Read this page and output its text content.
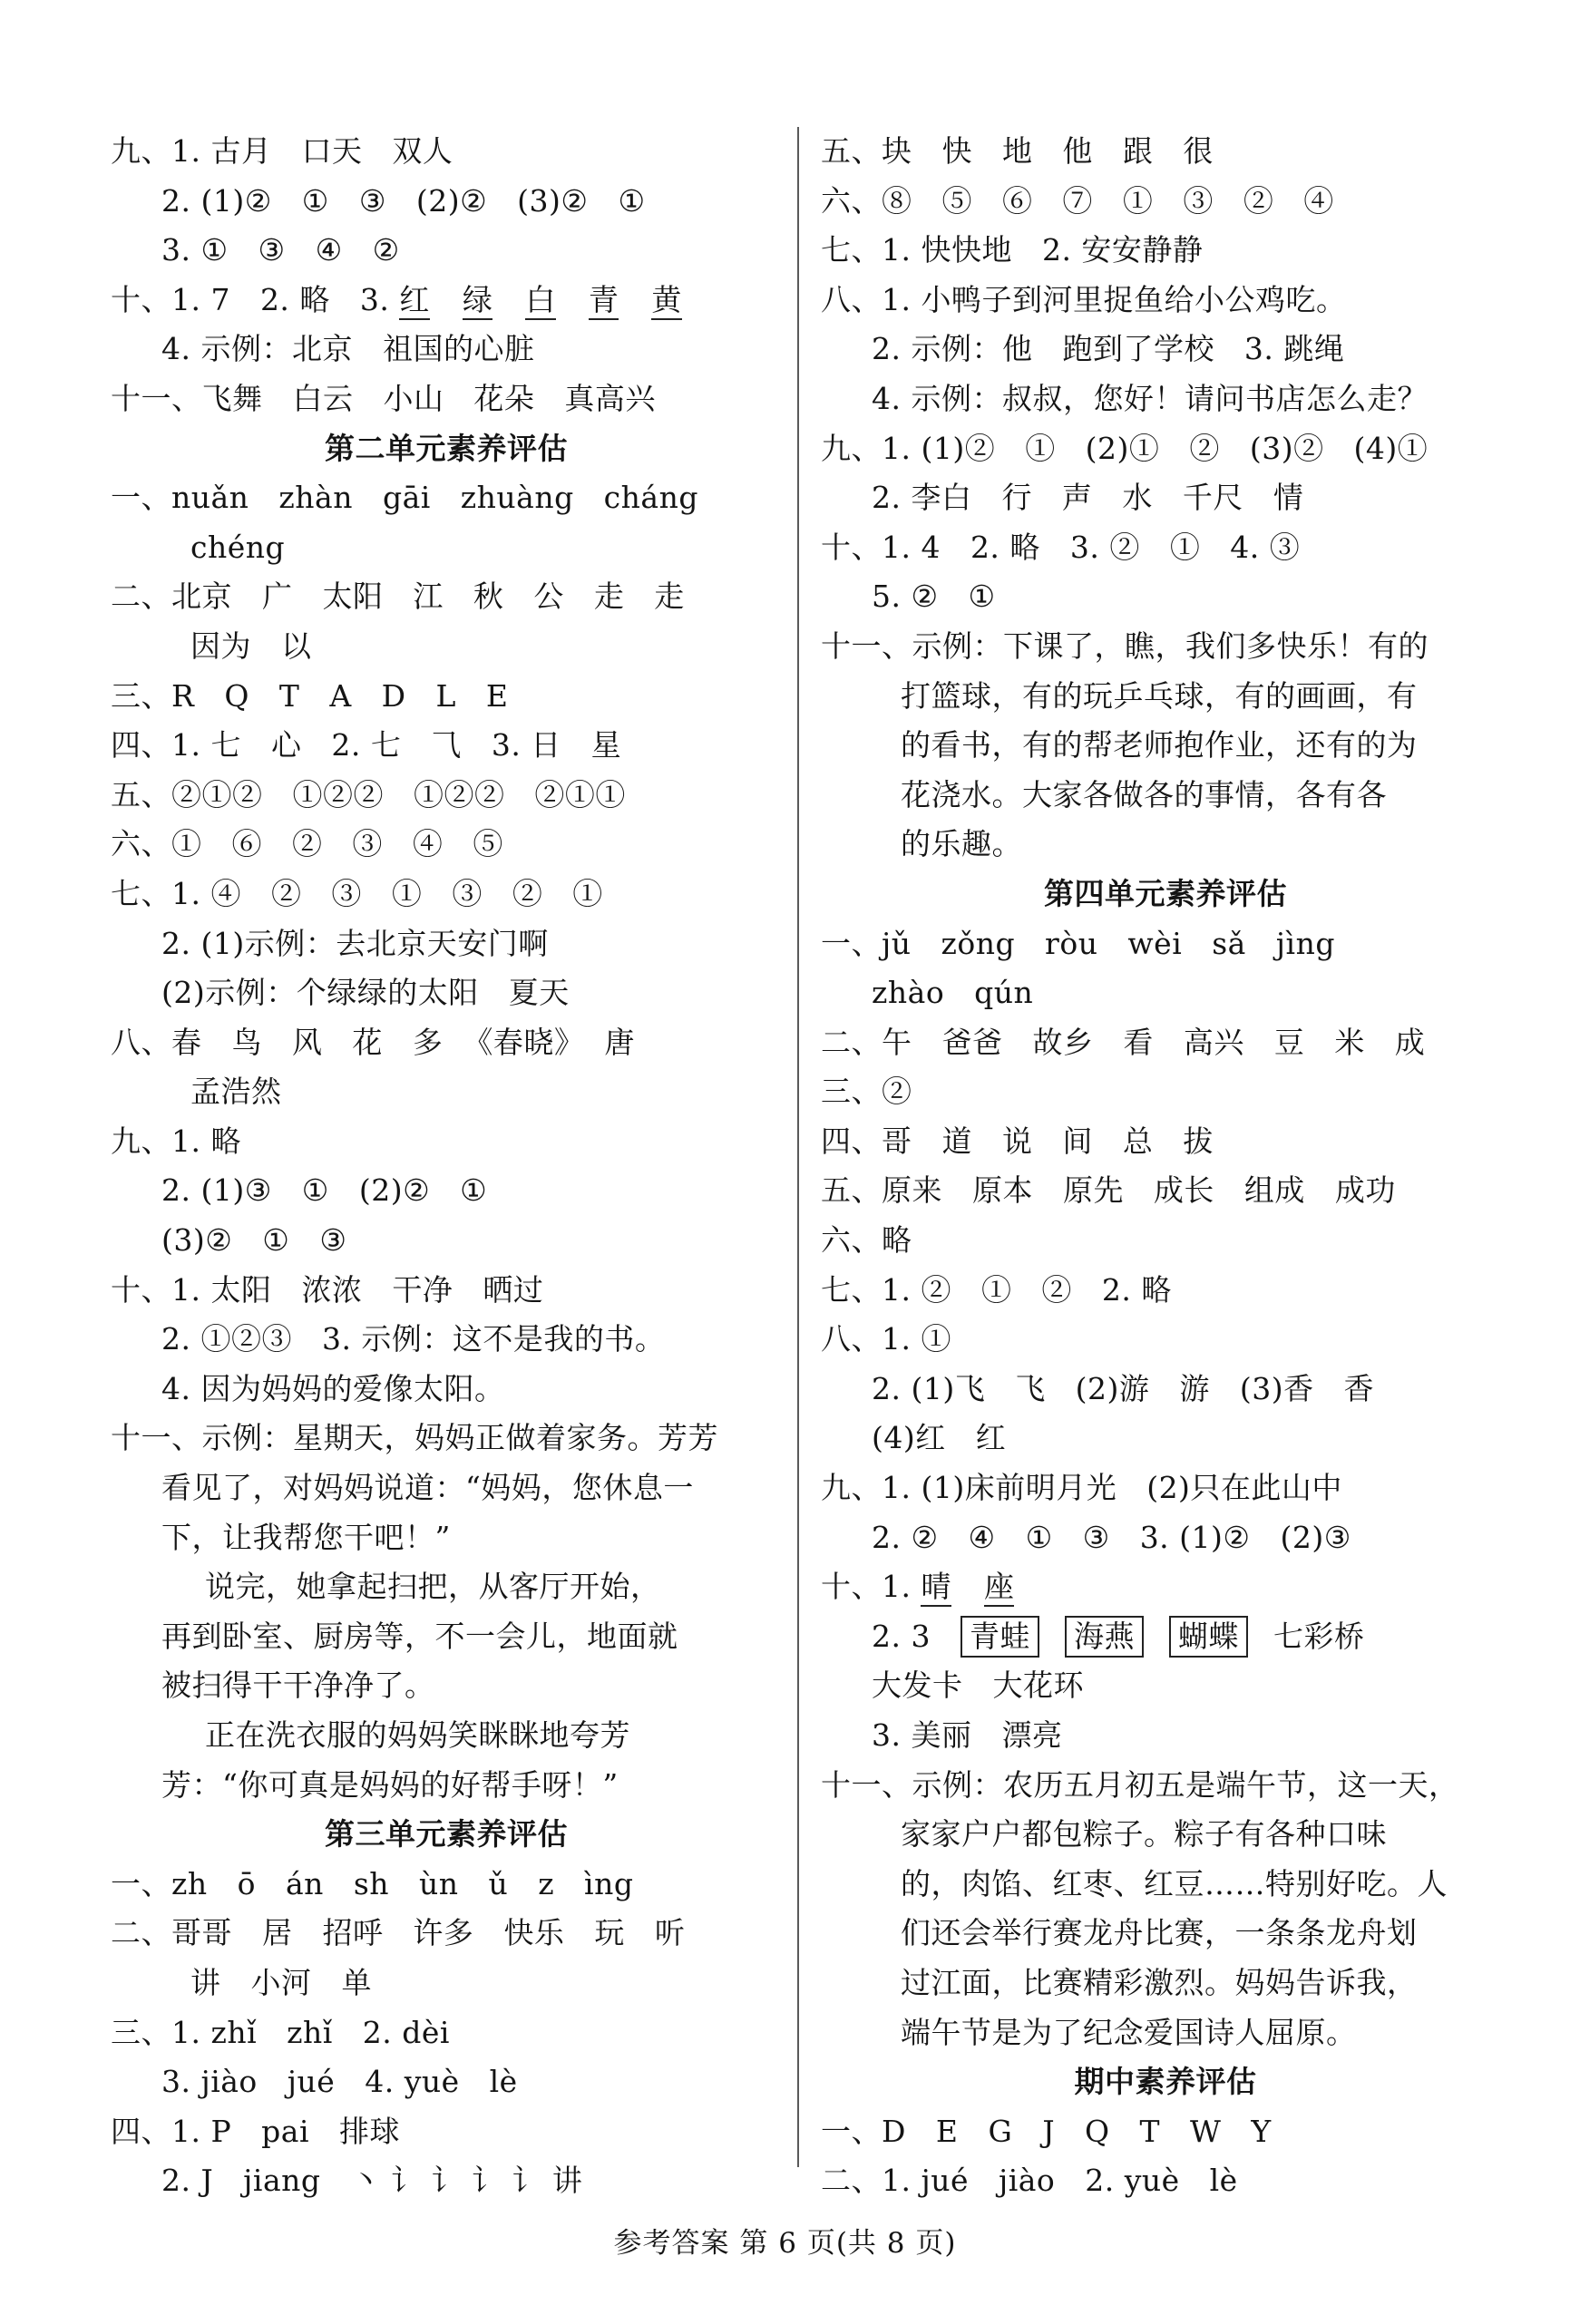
九、1. 古月   口天   双人
2. (1)②   ①   ③   (2)②   (3)②   ①
3. ①   ③   ④   ②
十、1. 7   2. 略   3. 红 绿 白 青 黄
4. 示例：北京   祖国的心脏
十一、飞舞   白云   小山   花朵   真高兴
第二单元素养评估
一、nuǎn   zhàn   gāi   zhuàng   cháng
chéng
二、北京   广   太阳   江   秋   公   走   走
因为   以
三、R   Q   T   A   D   L   E
四、1. 七   心   2. 七   ⺄   3. 日   星
五、②①②   ①②②   ①②②   ②①①
六、①   ⑥   ②   ③   ④   ⑤
七、1. ④   ②   ③   ①   ③   ②   ①
2. (1)示例：去北京天安门啊
(2)示例：个绿绿的太阳   夏天
八、春   鸟   风   花   多  《春晓》  唐
孟浩然
九、1. 略
2. (1)③   ①   (2)②   ①
(3)②   ①   ③
十、1. 太阳   浓浓   干净   晒过
2. ①②③   3. 示例：这不是我的书。
4. 因为妈妈的爱像太阳。
十一、示例：星期天，妈妈正做着家务。芳芳
看见了，对妈妈说道：“妈妈，您休息一
下，让我帮您干吧！”
说完，她拿起扫把，从客厅开始，
再到卧室、厨房等，不一会儿，地面就
被扫得干干净净了。
正在洗衣服的妈妈笑眯眯地夸芳
芳：“你可真是妈妈的好帮手呀！”
第三单元素养评估
一、zh   ō   án   sh   ùn   ǔ   z   ìng
二、哥哥   居   招呼   许多   快乐   玩   听
讲   小河   单
三、1. zhǐ   zhǐ   2. dèi
3. jiào   jué   4. yuè   lè
四、1. P   pai   排球
2. J   jiang   丶 讠 讠 讠 讠 讲
五、块   快   地   他   跟   很
六、⑧   ⑤   ⑥   ⑦   ①   ③   ②   ④
七、1. 快快地   2. 安安静静
八、1. 小鸭子到河里捉鱼给小公鸡吃。
2. 示例：他   跑到了学校   3. 跳绳
4. 示例：叔叔，您好！请问书店怎么走？
九、1. (1)②   ①   (2)①   ②   (3)②   (4)①
2. 李白   行   声   水   千尺   情
十、1. 4   2. 略   3. ②   ①   4. ③
5. ②   ①
十一、示例：下课了，瞧，我们多快乐！有的
打篮球，有的玩乒乓球，有的画画，有
的看书，有的帮老师抱作业，还有的为
花浇水。大家各做各的事情，各有各
的乐趣。
第四单元素养评估
一、jǔ   zǒng   ròu   wèi   sǎ   jìng
zhào   qún
二、午   爸爸   故乡   看   高兴   豆   米   成
三、②
四、哥   道   说   间   总   拔
五、原来   原本   原先   成长   组成   成功
六、略
七、1. ②   ①   ②   2. 略
八、1. ①
2. (1)飞   飞   (2)游   游   (3)香   香
(4)红   红
九、1. (1)床前明月光   (2)只在此山中
2. ②   ④   ①   ③   3. (1)②   (2)③
十、1. 晴 座
2. 3   青蛙 海燕 蝴蝶 七彩桥
大发卡   大花环
3. 美丽   漂亮
十一、示例：农历五月初五是端午节，这一天，
家家户户都包粽子。粽子有各种口味
的，肉馅、红枣、红豆……特别好吃。人
们还会举行赛龙舟比赛，一条条龙舟划
过江面，比赛精彩激烈。妈妈告诉我，
端午节是为了纪念爱国诗人屈原。
期中素养评估
一、D   E   G   J   Q   T   W   Y
二、1. jué   jiào   2. yuè   lè
参考答案 第 6 页(共 8 页)
